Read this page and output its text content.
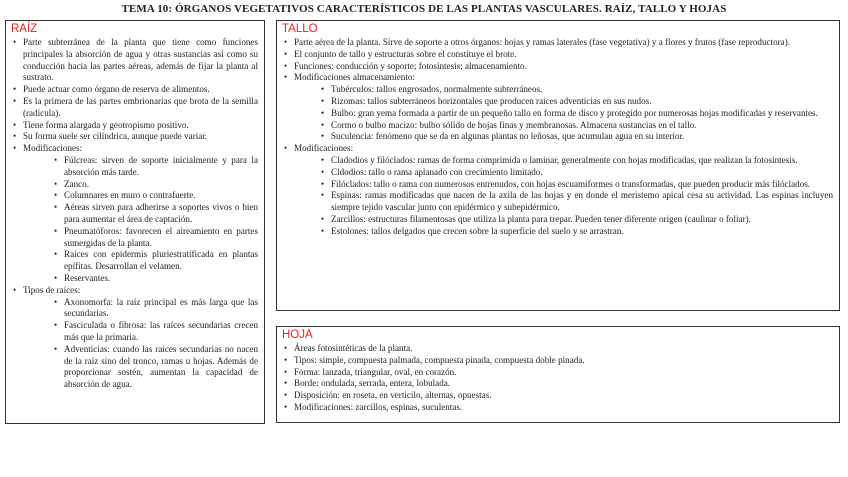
TEMA 10: ÓRGANOS VEGETATIVOS CARACTERÍSTICOS DE LAS PLANTAS VASCULARES. RAÍZ, TALLO Y HOJAS
RAÍZ
• Parte subterránea de la planta que tiene como funciones principales la absorción de agua y otras sustancias así como su conducción hacia las partes aéreas, además de fijar la planta al sustrato.
• Puede actuar como órgano de reserva de alimentos.
• Es la primera de las partes embrionarias que brota de la semilla (radícula).
• Tiene forma alargada y geotropismo positivo.
• Su forma suele ser cilíndrica, aunque puede variar.
• Modificaciones:
• Fúlcreas: sirven de soporte inicialmente y para la absorción más tarde.
• Zanco.
• Columnares en muro o contrafuerte.
• Aéreas sirven para adherirse a soportes vivos o bien para aumentar el área de captación.
• Pneumatóforos: favorecen el aireamiento en partes sumergidas de la planta.
• Raíces con epidermis pluriestratificada en plantas epífitas. Desarrollan el velamen.
• Reservantes.
• Tipos de raíces:
• Axonomorfa: la raíz principal es más larga que las secundarias.
• Fasciculada o fibrosa: las raíces secundarias crecen más que la primaria.
• Adventicias: cuando las raíces secundarias no nacen de la raíz sino del tronco, ramas u hojas. Además de proporcionar sostén, aumentan la capacidad de absorción de agua.
TALLO
• Parte aérea de la planta. Sirve de soporte a otros órganos: hojas y ramas laterales (fase vegetativa) y a flores y frutos (fase reproductora).
• El conjunto de tallo y estructuras sobre el constituye el brote.
• Funciones: conducción y soporte; fotosíntesis; almacenamiento.
• Modificaciones almacenamiento:
• Tubérculos: tallos engrosados, normalmente subterráneos.
• Rizomas: tallos subterráneos horizontales que producen raíces adventicias en sus nudos.
• Bulbo: gran yema formada a partir de un pequeño tallo en forma de disco y protegido por numerosas hojas modificadas y reservantes.
• Cormo o bulbo macizo: bulbo sólido de hojas finas y membranosas. Almacena sustancias en el tallo.
• Suculencia: fenómeno que se da en algunas plantas no leñosas, que acumulan agua en su interior.
• Modificaciones:
• Cladodios y filóclados: ramas de forma comprimida o laminar, generalmente con hojas modificadas, que realizan la fotosíntesis.
• Cldodios: tallo o rama aplanado con crecimiento limitado.
• Filóclados: tallo o rama con numerosos entrenudos, con hojas escuamiformes o transformadas, que pueden producir más filóclados.
• Espinas: ramas modificadas que nacen de la axila de las hojas y en donde el meristemo apical cesa su actividad. Las espinas incluyen siempre tejido vascular junto con epidérmico y subepidérmico.
• Zarcillos: estructuras filamentosas que utiliza la planta para trepar. Pueden tener diferente origen (caulinar o foliar).
• Estolones: tallos delgados que crecen sobre la superficie del suelo y se arrastran.
HOJA
• Áreas fotosintéticas de la planta.
• Tipos: simple, compuesta palmada, compuesta pinada, compuesta doble pinada.
• Forma: lanzada, triangular, oval, en corazón.
• Borde: ondulada, serrada, entera, lobulada.
• Disposición: en roseta, en verticilo, alternas, opuestas.
• Modificaciones: zarcillos, espinas, suculentas.
